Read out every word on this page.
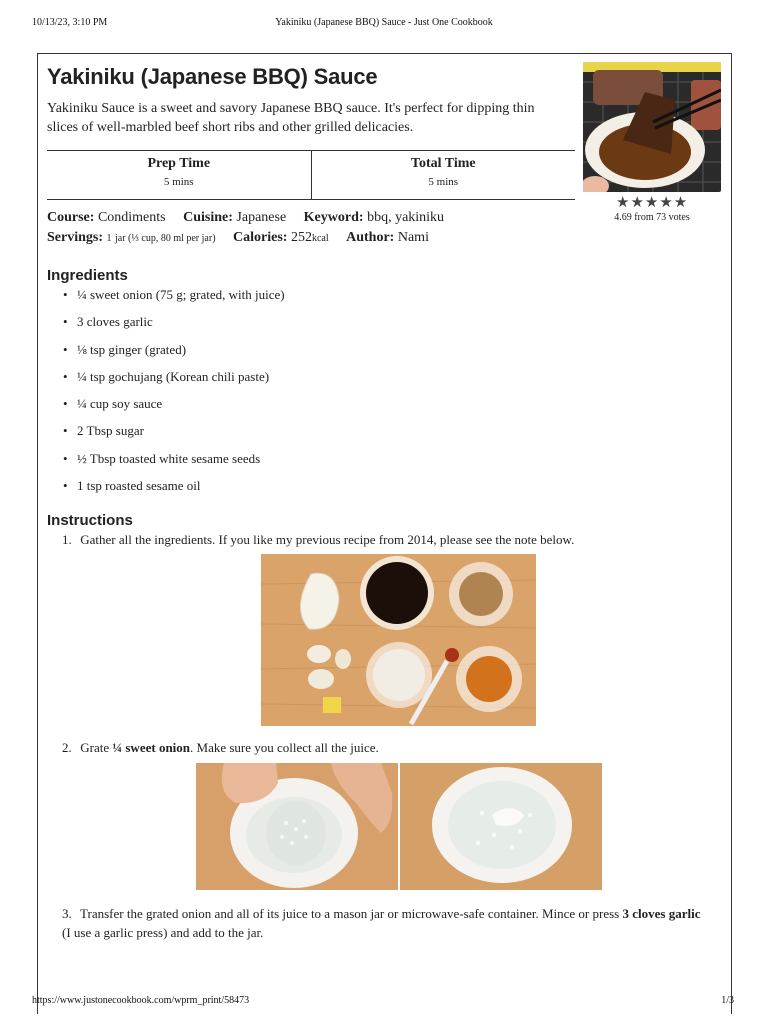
10/13/23, 3:10 PM	Yakiniku (Japanese BBQ) Sauce - Just One Cookbook
Yakiniku (Japanese BBQ) Sauce
Yakiniku Sauce is a sweet and savory Japanese BBQ sauce. It's perfect for dipping thin slices of well-marbled beef short ribs and other grilled delicacies.
Prep Time
5 mins
Total Time
5 mins
Course: Condiments Cuisine: Japanese Keyword: bbq, yakiniku
Servings: 1 jar (⅓ cup, 80 ml per jar) Calories: 252kcal Author: Nami
★★★★★
4.69 from 73 votes
Ingredients
• ¼ sweet onion (75 g; grated, with juice)
• 3 cloves garlic
• ⅛ tsp ginger (grated)
• ¼ tsp gochujang (Korean chili paste)
• ¼ cup soy sauce
• 2 Tbsp sugar
• ½ Tbsp toasted white sesame seeds
• 1 tsp roasted sesame oil
Instructions
1. Gather all the ingredients. If you like my previous recipe from 2014, please see the note below.
2. Grate ¼ sweet onion. Make sure you collect all the juice.
3. Transfer the grated onion and all of its juice to a mason jar or microwave-safe container. Mince or press 3 cloves garlic (I use a garlic press) and add to the jar.
https://www.justonecookbook.com/wprm_print/58473	1/3
